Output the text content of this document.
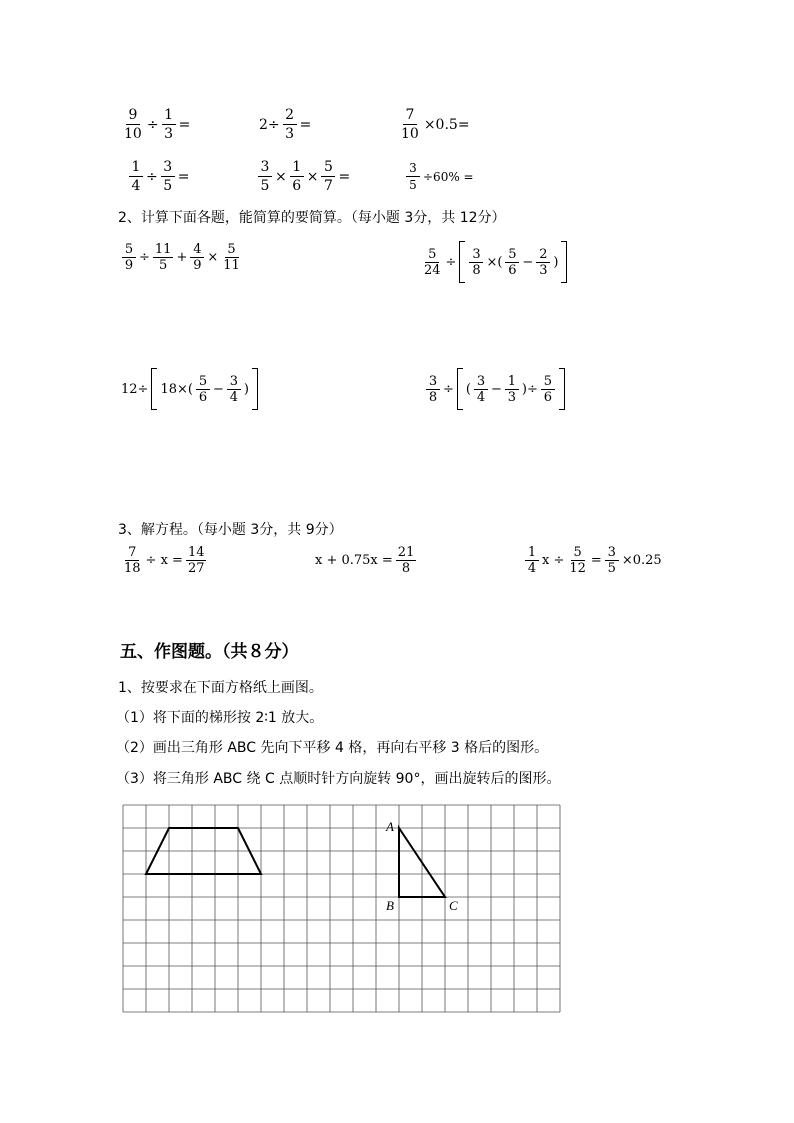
$\frac{9}{10} \div \frac{1}{3}$ =	$2\div \frac{2}{3}$ =	$\frac{7}{10} \times 0.5=$
$\frac{1}{4} \div \frac{3}{5}$ =	$\frac{3}{5} \times \frac{1}{6} \times \frac{5}{7}$ =	$\frac{3}{5} \div 60\%$ =
2、计算下面各题，能简算的要简算。（每小题 3分，共 12分）
$\frac{5}{9} \div \frac{11}{5} + \frac{4}{9} \times \frac{5}{11}$	$\frac{5}{24} \div \frac{3}{8}$ ×( $\frac{5}{6} - \frac{2}{3}$ )
$12\div 18\times( \frac{5}{6} - \frac{3}{4}$ )	$\frac{3}{8}$ ÷ ( $\frac{3}{4} - \frac{1}{3}$ )÷ $\frac{5}{6}$
3、解方程。（每小题 3分，共 9分）
$\frac{7}{18} \div x = \frac{14}{27}$	$x + 0.75x = \frac{21}{8}$	$\frac{1}{4}$ $x \div \frac{5}{12} = \frac{3}{5} \times 0.25$
五、作图题。（共８分）
1、按要求在下面方格纸上画图。
（1）将下面的梯形按 2∶1 放大。
（2）画出三角形 ABC 先向下平移 4 格，再向右平移 3 格后的图形。
（3）将三角形 ABC 绕 C 点顺时针方向旋转 90°，画出旋转后的图形。
A
B	C
